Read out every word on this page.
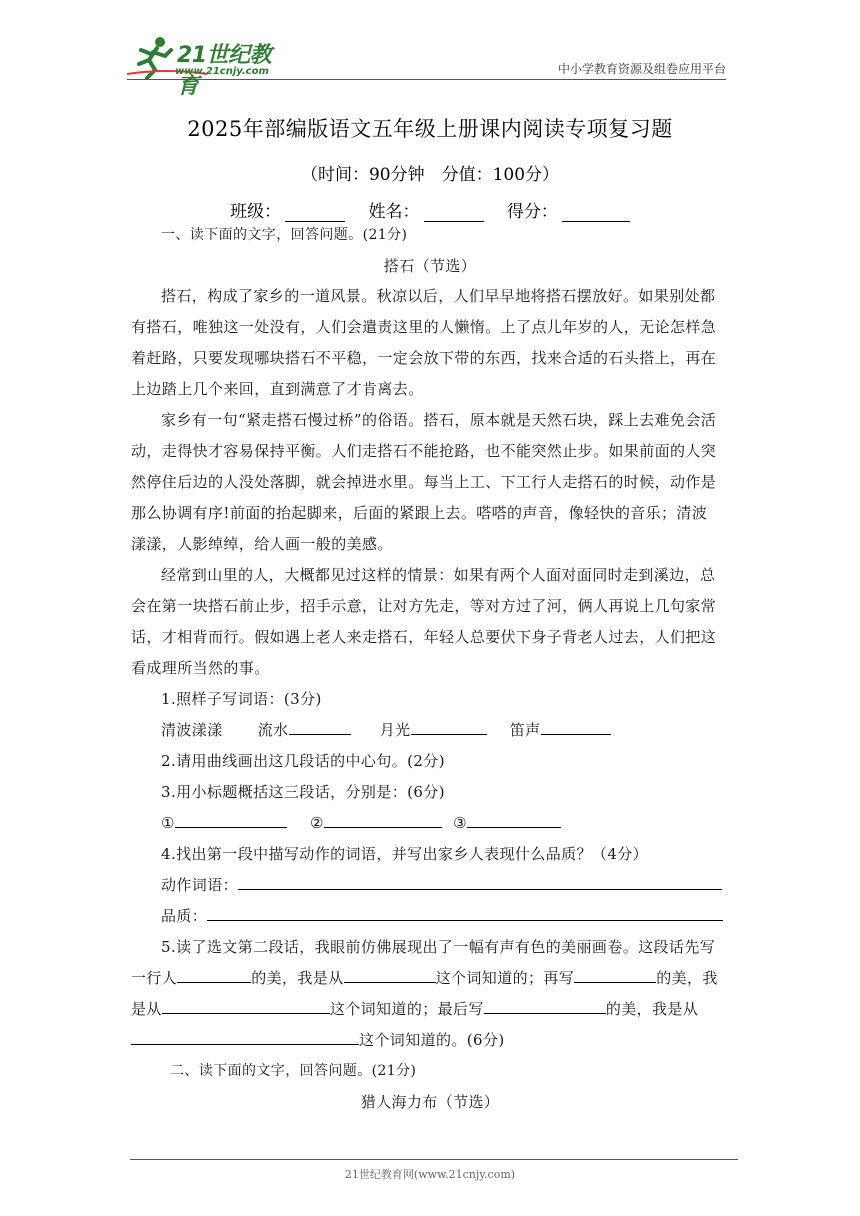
21世纪教育
www.21cnjy.com	中小学教育资源及组卷应用平台
2025年部编版语文五年级上册课内阅读专项复习题
（时间：90分钟　分值：100分）
班级：	姓名：	得分：
一、读下面的文字，回答问题。(21分)
搭石（节选）
搭石，构成了家乡的一道风景。秋凉以后，人们早早地将搭石摆放好。如果别处都
有搭石，唯独这一处没有，人们会遣责这里的人懒惰。上了点儿年岁的人，无论怎样急
着赶路，只要发现哪块搭石不平稳，一定会放下带的东西，找来合适的石头搭上，再在
上边踏上几个来回，直到满意了才肯离去。
家乡有一句“紧走搭石慢过桥”的俗语。搭石，原本就是天然石块，踩上去难免会活
动，走得快才容易保持平衡。人们走搭石不能抢路，也不能突然止步。如果前面的人突
然停住后边的人没处落脚，就会掉进水里。每当上工、下工行人走搭石的时候，动作是
那么协调有序!前面的抬起脚来，后面的紧跟上去。嗒嗒的声音，像轻快的音乐；清波
漾漾，人影绰绰，给人画一般的美感。
经常到山里的人，大概都见过这样的情景：如果有两个人面对面同时走到溪边，总
会在第一块搭石前止步，招手示意，让对方先走，等对方过了河，俩人再说上几句家常
话，才相背而行。假如遇上老人来走搭石，年轻人总要伏下身子背老人过去，人们把这
看成理所当然的事。
1.照样子写词语：(3分)
清波漾漾 流水	月光	笛声
2.请用曲线画出这几段话的中心句。(2分)
3.用小标题概括这三段话，分别是：(6分)
①	②	③
4.找出第一段中描写动作的词语，并写出家乡人表现什么品质？（4分）
动作词语：
品质：
5.读了选文第二段话，我眼前仿佛展现出了一幅有声有色的美丽画卷。这段话先写
一行人	的美，我是从	这个词知道的；再写	的美，我
是从	这个词知道的；最后写	的美，我是从
这个词知道的。(6分)
二、读下面的文字，回答问题。(21分)
猎人海力布（节选）
21世纪教育网(www.21cnjy.com)
